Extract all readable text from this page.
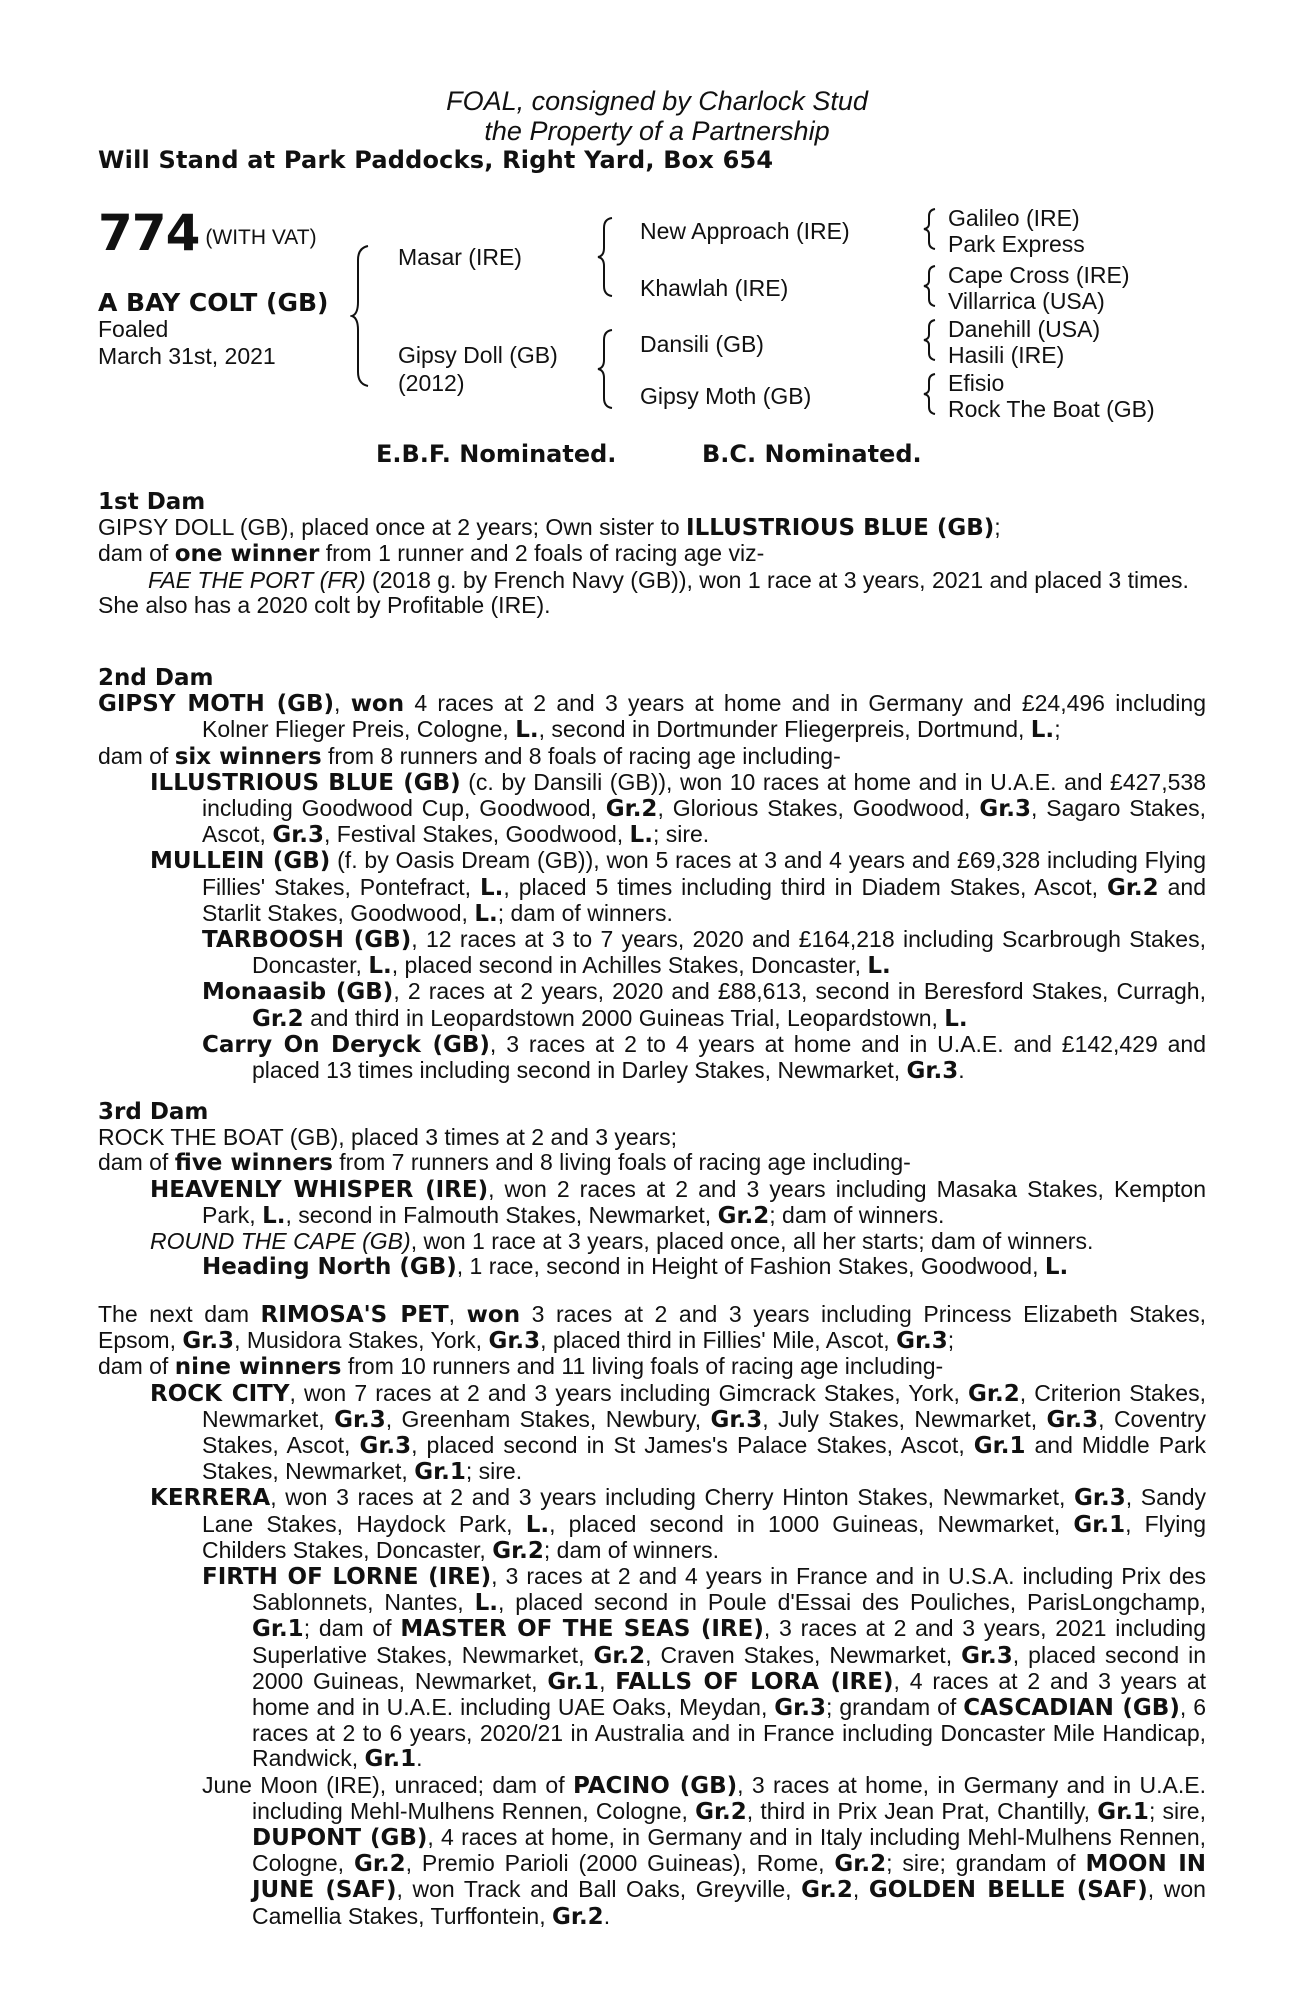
FOAL, consigned by Charlock Stud
the Property of a Partnership
Will Stand at Park Paddocks, Right Yard, Box 654
774 (WITH VAT)
A BAY COLT (GB)
Foaled
March 31st, 2021
Masar (IRE)
Gipsy Doll (GB)
(2012)
New Approach (IRE)
Khawlah (IRE)
Dansili (GB)
Gipsy Moth (GB)
Galileo (IRE)
Park Express
Cape Cross (IRE)
Villarrica (USA)
Danehill (USA)
Hasili (IRE)
Efisio
Rock The Boat (GB)
E.B.F. Nominated.	B.C. Nominated.

1st Dam

GIPSY DOLL (GB), placed once at 2 years; Own sister to ILLUSTRIOUS BLUE (GB);

dam of one winner from 1 runner and 2 foals of racing age viz-

FAE THE PORT (FR) (2018 g. by French Navy (GB)), won 1 race at 3 years, 2021 and placed 3 times.

She also has a 2020 colt by Profitable (IRE).

2nd Dam

GIPSY MOTH (GB), won 4 races at 2 and 3 years at home and in Germany and £24,496 including Kolner Flieger Preis, Cologne, L., second in Dortmunder Fliegerpreis, Dortmund, L.;

dam of six winners from 8 runners and 8 foals of racing age including-

ILLUSTRIOUS BLUE (GB) (c. by Dansili (GB)), won 10 races at home and in U.A.E. and £427,538 including Goodwood Cup, Goodwood, Gr.2, Glorious Stakes, Goodwood, Gr.3, Sagaro Stakes, Ascot, Gr.3, Festival Stakes, Goodwood, L.; sire.

MULLEIN (GB) (f. by Oasis Dream (GB)), won 5 races at 3 and 4 years and £69,328 including Flying Fillies' Stakes, Pontefract, L., placed 5 times including third in Diadem Stakes, Ascot, Gr.2 and Starlit Stakes, Goodwood, L.; dam of winners.

TARBOOSH (GB), 12 races at 3 to 7 years, 2020 and £164,218 including Scarbrough Stakes, Doncaster, L., placed second in Achilles Stakes, Doncaster, L.

Monaasib (GB), 2 races at 2 years, 2020 and £88,613, second in Beresford Stakes, Curragh, Gr.2 and third in Leopardstown 2000 Guineas Trial, Leopardstown, L.

Carry On Deryck (GB), 3 races at 2 to 4 years at home and in U.A.E. and £142,429 and placed 13 times including second in Darley Stakes, Newmarket, Gr.3.

3rd Dam

ROCK THE BOAT (GB), placed 3 times at 2 and 3 years;

dam of five winners from 7 runners and 8 living foals of racing age including-

HEAVENLY WHISPER (IRE), won 2 races at 2 and 3 years including Masaka Stakes, Kempton Park, L., second in Falmouth Stakes, Newmarket, Gr.2; dam of winners.

ROUND THE CAPE (GB), won 1 race at 3 years, placed once, all her starts; dam of winners.

Heading North (GB), 1 race, second in Height of Fashion Stakes, Goodwood, L.

The next dam RIMOSA'S PET, won 3 races at 2 and 3 years including Princess Elizabeth Stakes, Epsom, Gr.3, Musidora Stakes, York, Gr.3, placed third in Fillies' Mile, Ascot, Gr.3;

dam of nine winners from 10 runners and 11 living foals of racing age including-

ROCK CITY, won 7 races at 2 and 3 years including Gimcrack Stakes, York, Gr.2, Criterion Stakes, Newmarket, Gr.3, Greenham Stakes, Newbury, Gr.3, July Stakes, Newmarket, Gr.3, Coventry Stakes, Ascot, Gr.3, placed second in St James's Palace Stakes, Ascot, Gr.1 and Middle Park Stakes, Newmarket, Gr.1; sire.

KERRERA, won 3 races at 2 and 3 years including Cherry Hinton Stakes, Newmarket, Gr.3, Sandy Lane Stakes, Haydock Park, L., placed second in 1000 Guineas, Newmarket, Gr.1, Flying Childers Stakes, Doncaster, Gr.2; dam of winners.

FIRTH OF LORNE (IRE), 3 races at 2 and 4 years in France and in U.S.A. including Prix des Sablonnets, Nantes, L., placed second in Poule d'Essai des Pouliches, ParisLongchamp, Gr.1; dam of MASTER OF THE SEAS (IRE), 3 races at 2 and 3 years, 2021 including Superlative Stakes, Newmarket, Gr.2, Craven Stakes, Newmarket, Gr.3, placed second in 2000 Guineas, Newmarket, Gr.1, FALLS OF LORA (IRE), 4 races at 2 and 3 years at home and in U.A.E. including UAE Oaks, Meydan, Gr.3; grandam of CASCADIAN (GB), 6 races at 2 to 6 years, 2020/21 in Australia and in France including Doncaster Mile Handicap, Randwick, Gr.1.

June Moon (IRE), unraced; dam of PACINO (GB), 3 races at home, in Germany and in U.A.E. including Mehl-Mulhens Rennen, Cologne, Gr.2, third in Prix Jean Prat, Chantilly, Gr.1; sire, DUPONT (GB), 4 races at home, in Germany and in Italy including Mehl-Mulhens Rennen, Cologne, Gr.2, Premio Parioli (2000 Guineas), Rome, Gr.2; sire; grandam of MOON IN JUNE (SAF), won Track and Ball Oaks, Greyville, Gr.2, GOLDEN BELLE (SAF), won Camellia Stakes, Turffontein, Gr.2.
